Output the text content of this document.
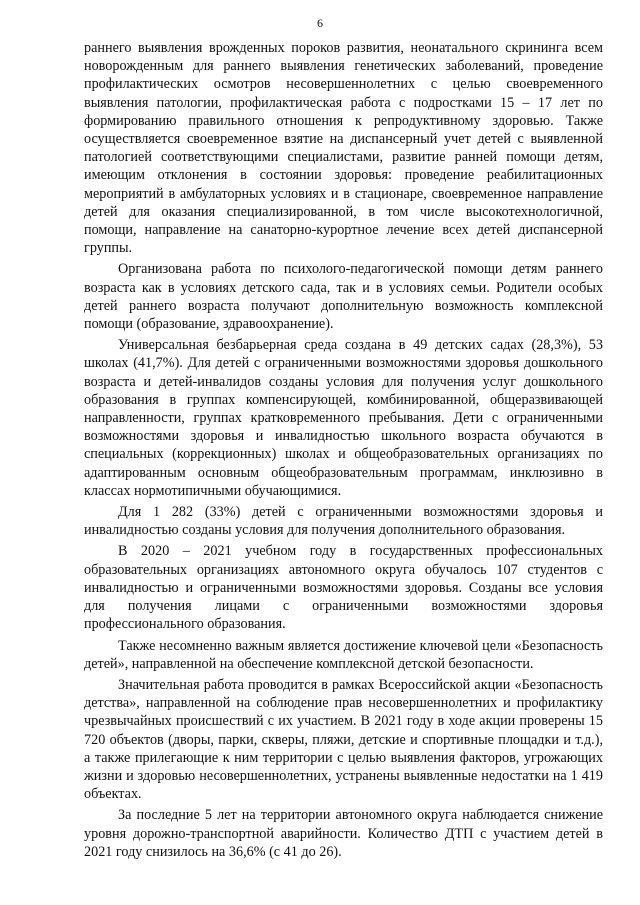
6

раннего выявления врожденных пороков развития, неонатального скрининга всем новорожденным для раннего выявления генетических заболеваний, проведение профилактических осмотров несовершеннолетних с целью своевременного выявления патологии, профилактическая работа с подростками 15 – 17 лет по формированию правильного отношения к репродуктивному здоровью. Также осуществляется своевременное взятие на диспансерный учет детей с выявленной патологией соответствующими специалистами, развитие ранней помощи детям, имеющим отклонения в состоянии здоровья: проведение реабилитационных мероприятий в амбулаторных условиях и в стационаре, своевременное направление детей для оказания специализированной, в том числе высокотехнологичной, помощи, направление на санаторно-курортное лечение всех детей диспансерной группы.

Организована работа по психолого-педагогической помощи детям раннего возраста как в условиях детского сада, так и в условиях семьи. Родители особых детей раннего возраста получают дополнительную возможность комплексной помощи (образование, здравоохранение).

Универсальная безбарьерная среда создана в 49 детских садах (28,3%), 53 школах (41,7%). Для детей с ограниченными возможностями здоровья дошкольного возраста и детей-инвалидов созданы условия для получения услуг дошкольного образования в группах компенсирующей, комбинированной, общеразвивающей направленности, группах кратковременного пребывания. Дети с ограниченными возможностями здоровья и инвалидностью школьного возраста обучаются в специальных (коррекционных) школах и общеобразовательных организациях по адаптированным основным общеобразовательным программам, инклюзивно в классах нормотипичными обучающимися.

Для 1 282 (33%) детей с ограниченными возможностями здоровья и инвалидностью созданы условия для получения дополнительного образования.

В 2020 – 2021 учебном году в государственных профессиональных образовательных организациях автономного округа обучалось 107 студентов с инвалидностью и ограниченными возможностями здоровья. Созданы все условия для получения лицами с ограниченными возможностями здоровья профессионального образования.

Также несомненно важным является достижение ключевой цели «Безопасность детей», направленной на обеспечение комплексной детской безопасности.

Значительная работа проводится в рамках Всероссийской акции «Безопасность детства», направленной на соблюдение прав несовершеннолетних и профилактику чрезвычайных происшествий с их участием. В 2021 году в ходе акции проверены 15 720 объектов (дворы, парки, скверы, пляжи, детские и спортивные площадки и т.д.), а также прилегающие к ним территории с целью выявления факторов, угрожающих жизни и здоровью несовершеннолетних, устранены выявленные недостатки на 1 419 объектах.

За последние 5 лет на территории автономного округа наблюдается снижение уровня дорожно-транспортной аварийности. Количество ДТП с участием детей в 2021 году снизилось на 36,6% (с 41 до 26).
